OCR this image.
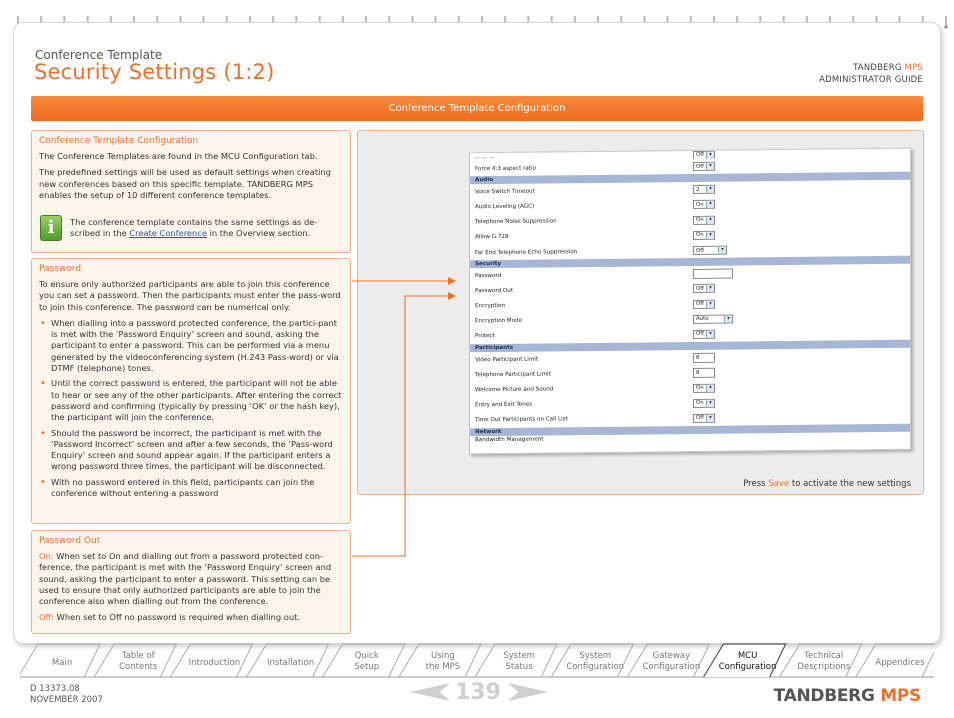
Conference Template
Security Settings (1:2)	TANDBERG MPS
ADMINISTRATOR GUIDE
Conference Template Configuration
Conference Template Configuration

The Conference Templates are found in the MCU Configuration tab.

The predefined settings will be used as default settings when creating new conferences based on this specific template. TANDBERG MPS enables the setup of 10 different conference templates.

i	The conference template contains the same settings as de-scribed in the Create Conference in the Overview section.
Password

To ensure only authorized participants are able to join this conference you can set a password. Then the participants must enter the pass-word to join this conference. The password can be numerical only.

• When dialling into a password protected conference, the partici-pant is met with the ‘Password Enquiry’ screen and sound, asking the participant to enter a password. This can be performed via a menu generated by the videoconferencing system (H.243 Pass-word) or via DTMF (telephone) tones.
• Until the correct password is entered, the participant will not be able to hear or see any of the other participants. After entering the correct password and confirming (typically by pressing ‘OK’ or the hash key), the participant will join the conference.
• Should the password be incorrect, the participant is met with the ‘Password Incorrect’ screen and after a few seconds, the ‘Pass-word Enquiry’ screen and sound appear again. If the participant enters a wrong password three times, the participant will be disconnected.
• With no password entered in this field, participants can join the conference without entering a password
Password Out

On: When set to On and dialling out from a password protected con-ference, the participant is met with the ‘Password Enquiry’ screen and sound, asking the participant to enter a password. This setting can be used to ensure that only authorized participants are able to join the conference also when dialling out from the conference.

Off: When set to Off no password is required when dialling out.

Press Save to activate the new settings
... ... ...	Off	▾
Force 4:3 aspect ratio	Off	▾
Audio
Voice Switch Timeout	2	▾
Audio Leveling (AGC)	On	▾
Telephone Noise Suppression	On	▾
Allow G.728	On	▾
Far End Telephone Echo Suppression	Off	▾
Security
Password
Password Out	Off	▾
Encryption	Off	▾
Encryption Mode	Auto	▾
Protect	Off	▾
Participants
Video Participant Limit	8
Telephone Participant Limit	8
Welcome Picture and Sound	On	▾
Entry and Exit Tones	On	▾
Time Out Participants on Call List	Off	▾
Network
Bandwidth Management
Main
Table of
Contents	Introduction	Installation
Quick
Setup
Using
the MPS
System
Status
System
Configuration
Gateway
Configuration
MCU
Configuration
Technical
Descriptions	Appendices
D 13373.08
NOVEMBER 2007	139	TANDBERG MPS
